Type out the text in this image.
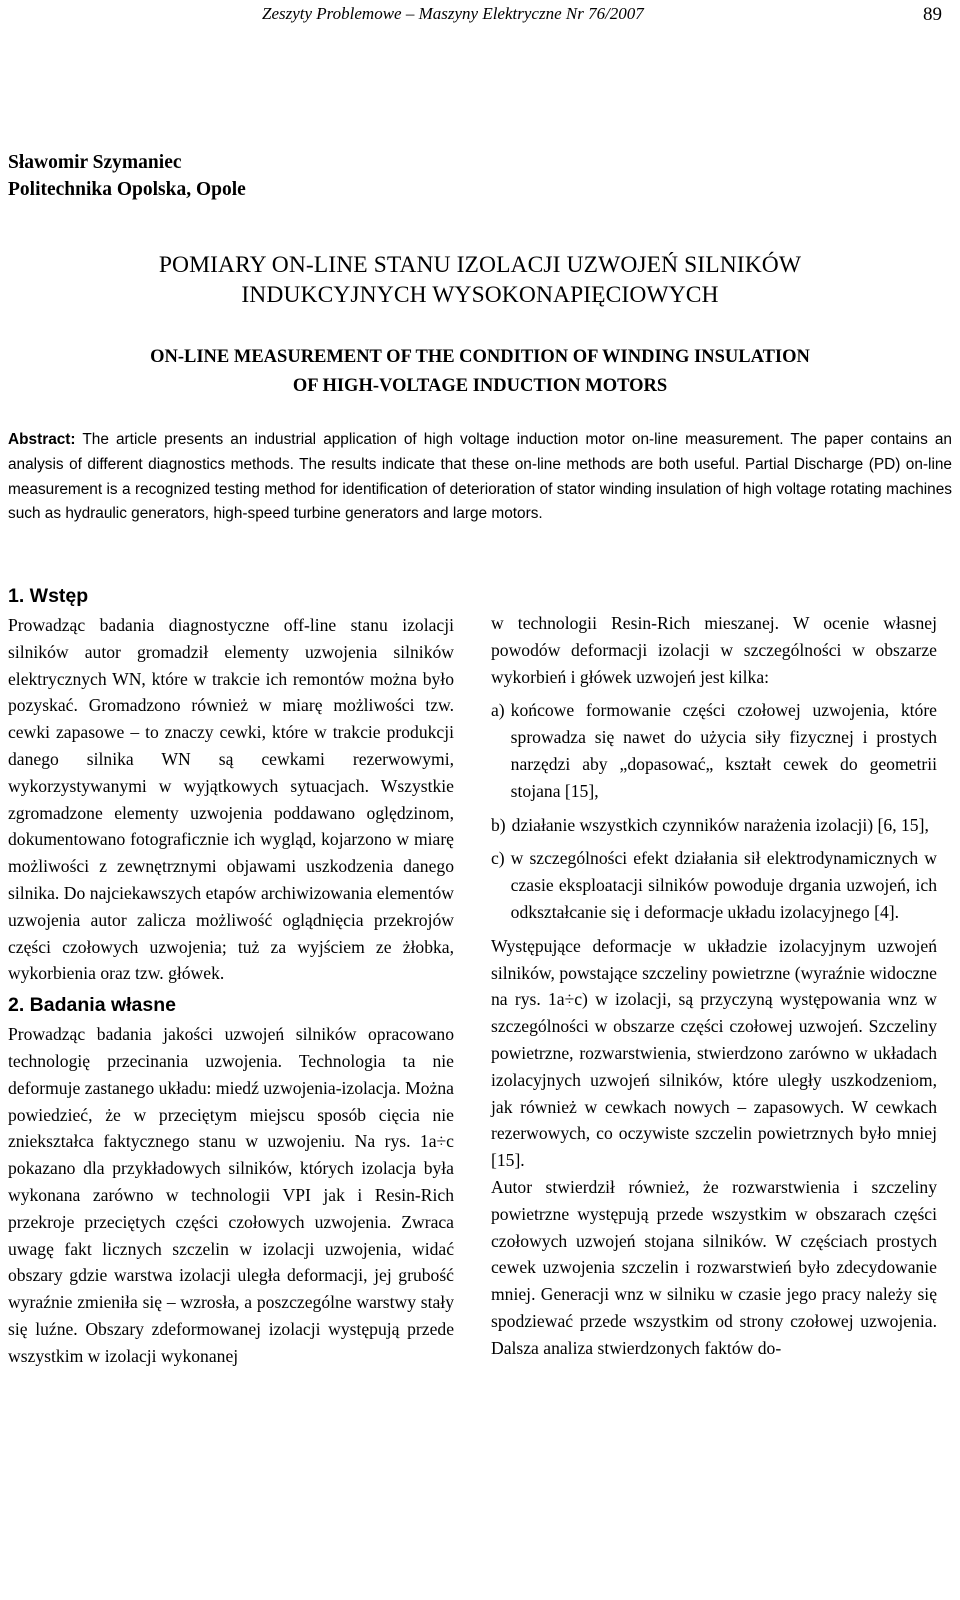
Zeszyty Problemowe – Maszyny Elektryczne Nr 76/2007	89
Sławomir Szymaniec
Politechnika Opolska, Opole
POMIARY ON-LINE STANU IZOLACJI UZWOJEŃ SILNIKÓW
INDUKCYJNYCH WYSOKONAPIĘCIOWYCH
ON-LINE MEASUREMENT OF THE CONDITION OF WINDING INSULATION
OF HIGH-VOLTAGE INDUCTION MOTORS
Abstract: The article presents an industrial application of high voltage induction motor on-line measurement. The paper contains an analysis of different diagnostics methods. The results indicate that these on-line methods are both useful. Partial Discharge (PD) on-line measurement is a recognized testing method for identification of deterioration of stator winding insulation of high voltage rotating machines such as hydraulic generators, high-speed turbine generators and large motors.
1. Wstęp

Prowadząc badania diagnostyczne off-line stanu izolacji silników autor gromadził elementy uzwojenia silników elektrycznych WN, które w trakcie ich remontów można było pozyskać. Gromadzono również w miarę możliwości tzw. cewki zapasowe – to znaczy cewki, które w trakcie produkcji danego silnika WN są cewkami rezerwowymi, wykorzystywanymi w wyjątkowych sytuacjach. Wszystkie zgromadzone elementy uzwojenia poddawano oględzinom, dokumentowano fotograficznie ich wygląd, kojarzono w miarę możliwości z zewnętrznymi objawami uszkodzenia danego silnika. Do najciekawszych etapów archiwizowania elementów uzwojenia autor zalicza możliwość oglądnięcia przekrojów części czołowych uzwojenia; tuż za wyjściem ze żłobka, wykorbienia oraz tzw. główek.

2. Badania własne

Prowadząc badania jakości uzwojeń silników opracowano technologię przecinania uzwojenia. Technologia ta nie deformuje zastanego układu: miedź uzwojenia-izolacja. Można powiedzieć, że w przeciętym miejscu sposób cięcia nie zniekształca faktycznego stanu w uzwojeniu. Na rys. 1a÷c pokazano dla przykładowych silników, których izolacja była wykonana zarówno w technologii VPI jak i Resin-Rich przekroje przeciętych części czołowych uzwojenia. Zwraca uwagę fakt licznych szczelin w izolacji uzwojenia, widać obszary gdzie warstwa izolacji uległa deformacji, jej grubość wyraźnie zmieniła się – wzrosła, a poszczególne warstwy stały się luźne. Obszary zdeformowanej izolacji występują przede wszystkim w izolacji wykonanej

w technologii Resin-Rich mieszanej. W ocenie własnej powodów deformacji izolacji w szczególności w obszarze wykorbień i główek uzwojeń jest kilka:

a) końcowe formowanie części czołowej uzwojenia, które sprowadza się nawet do użycia siły fizycznej i prostych narzędzi aby „dopasować„ kształt cewek do geometrii stojana [15],
b) działanie wszystkich czynników narażenia izolacji) [6, 15],
c) w szczególności efekt działania sił elektrodynamicznych w czasie eksploatacji silników powoduje drgania uzwojeń, ich odkształcanie się i deformacje układu izolacyjnego [4].

Występujące deformacje w układzie izolacyjnym uzwojeń silników, powstające szczeliny powietrzne (wyraźnie widoczne na rys. 1a÷c) w izolacji, są przyczyną występowania wnz w szczególności w obszarze części czołowej uzwojeń. Szczeliny powietrzne, rozwarstwienia, stwierdzono zarówno w układach izolacyjnych uzwojeń silników, które uległy uszkodzeniom, jak również w cewkach nowych – zapasowych. W cewkach rezerwowych, co oczywiste szczelin powietrznych było mniej [15].

Autor stwierdził również, że rozwarstwienia i szczeliny powietrzne występują przede wszystkim w obszarach części czołowych uzwojeń stojana silników. W częściach prostych cewek uzwojenia szczelin i rozwarstwień było zdecydowanie mniej. Generacji wnz w silniku w czasie jego pracy należy się spodziewać przede wszystkim od strony czołowej uzwojenia. Dalsza analiza stwierdzonych faktów do-
